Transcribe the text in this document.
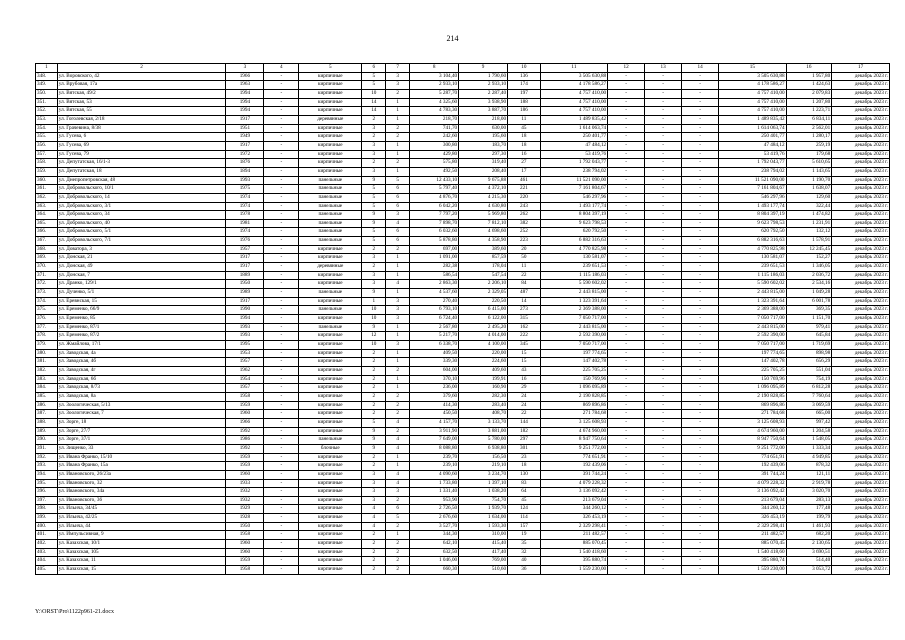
214
1	2	3	4	5	6	7	8	9	10	11	12	13	14	15	16	17
348.	ул. Воровского, 42	1966	-	кирпичные	5	3	3 104,40	1 790,60	136	3 505 630,88	-	-	-	3 505 630,88	1 957,80	декабрь 2023 г.
349.	ул. Врубовая, 17а	1963	-	кирпичные	5	3	2 933,10	2 933,10	174	4 178 586,27	-	-	-	4 178 586,27	1 424,63	декабрь 2023 г.
350.	ул. Вятская, 49/2	1994	-	кирпичные	10	2	5 287,70	2 287,40	197	4 757 410,00	-	-	-	4 757 410,00	2 079,83	декабрь 2023 г.
351.	ул. Вятская, 53	1994	-	кирпичные	14	1	4 325,60	3 938,90	188	4 757 410,00	-	-	-	4 757 410,00	1 207,80	декабрь 2023 г.
352.	ул. Вятская, 55	1994	-	кирпичные	14	1	4 783,30	3 887,70	186	4 757 410,00	-	-	-	4 757 410,00	1 223,71	декабрь 2023 г.
353.	ул. Гоголевская, 2/18	1917	-	деревянные	2	1	218,70	218,00	11	1 489 835,42	-	-	-	1 489 835,42	6 834,11	декабрь 2023 г.
354.	ул. Грачевина, 8/38	1951	-	кирпичные	3	2	741,70	630,00	45	1 614 063,74	-	-	-	1 614 063,74	2 562,01	декабрь 2023 г.
355.	ул. Гусева, 6	1949	-	кирпичные	2	2	242,60	195,60	18	250 401,77	-	-	-	250 401,77	1 280,17	декабрь 2023 г.
356.	ул. Гусева, 69	1917	-	кирпичные	3	1	300,80	183,70	18	47 484,12	-	-	-	47 484,12	259,19	декабрь 2023 г.
357.	ул. Гусева, 79	1972	-	кирпичные	3	1	429,80	297,30	16	53 419,76	-	-	-	53 419,76	179,68	декабрь 2023 г.
358.	ул. Депутатская, 16/1-3	1876	-	кирпичные	2	2	575,80	319,40	27	1 792 043,77	-	-	-	1 792 043,77	5 610,65	декабрь 2023 г.
359.	ул. Депутатская, 18	1894	-	кирпичные	3	1	492,50	208,40	17	238 794,02	-	-	-	238 794,02	1 143,65	декабрь 2023 г.
360.	ул. Днепропетровская, 48	1993	-	панельные	9	5	12 433,10	9 675,88	461	11 521 090,00	-	-	-	11 521 090,00	1 190,70	декабрь 2023 г.
361.	ул. Добровольского, 10/1	1975	-	панельные	5	6	5 797,40	4 372,10	221	7 161 804,67	-	-	-	7 161 804,67	1 638,07	декабрь 2023 г.
362.	ул. Добровольского, 14	1974	-	панельные	5	6	4 876,70	4 215,30	220	546 297,96	-	-	-	546 297,96	129,60	декабрь 2023 г.
363.	ул. Добровольского, 3/1	1974	-	панельные	5	6	6 042,20	4 630,80	243	1 493 177,74	-	-	-	1 493 177,74	322,44	декабрь 2023 г.
364.	ул. Добровольского, 34	1978	-	панельные	9	3	7 797,20	5 969,80	262	8 804 397,19	-	-	-	8 804 397,19	1 474,82	декабрь 2023 г.
365.	ул. Добровольского, 40	1981	-	панельные	9	4	7 898,70	7 812,10	382	9 623 798,53	-	-	-	9 623 798,53	1 231,91	декабрь 2023 г.
366.	ул. Добровольского, 5/1	1974	-	панельные	5	6	6 032,60	4 698,60	252	620 792,50	-	-	-	620 792,50	132,12	декабрь 2023 г.
367.	ул. Добровольского, 7/1	1976	-	панельные	5	6	5 878,80	4 358,90	223	6 882 316,63	-	-	-	6 882 316,63	1 578,91	декабрь 2023 г.
368.	ул. Доватора, 3	1957	-	кирпичные	2	2	697,00	389,60	20	4 770 825,98	-	-	-	4 770 825,98	12 245,45	декабрь 2023 г.
369.	ул. Донская, 21	1917	-	кирпичные	3	1	1 091,00	857,59	50	130 581,07	-	-	-	130 581,07	152,27	декабрь 2023 г.
370.	ул. Донская, 49	1917	-	деревянные	2	1	282,38	178,04	11	239 651,53	-	-	-	239 651,53	1 346,05	декабрь 2023 г.
371.	ул. Донская, 7	1889	-	кирпичные	3	1	586,54	547,54	22	1 115 186,03	-	-	-	1 115 186,03	2 036,72	декабрь 2023 г.
372.	ул. Дранко, 129/1	1950	-	кирпичные	3	4	2 863,30	2 206,10	84	5 590 602,02	-	-	-	5 590 602,02	2 534,16	декабрь 2023 г.
373.	ул. Дученко, 5/1	1989	-	панельные	9	1	4 537,60	2 329,05	487	2 443 815,00	-	-	-	2 443 815,00	1 049,28	декабрь 2023 г.
374.	ул. Еревнская, 15	1917	-	кирпичные	1	3	270,40	220,50	14	1 323 391,64	-	-	-	1 323 391,64	6 001,78	декабрь 2023 г.
375.	ул. Еременко, 66/9	1990	-	панельные	10	3	6 793,10	6 415,00	273	2 369 388,00	-	-	-	2 369 388,00	369,35	декабрь 2023 г.
376.	ул. Еременко, 85	1994	-	кирпичные	10	3	6 724,40	6 122,00	315	7 050 717,00	-	-	-	7 050 717,00	1 151,70	декабрь 2023 г.
377.	ул. Еременко, 87/1	1993	-	панельные	9	1	2 567,80	2 495,20	162	2 443 815,00	-	-	-	2 443 815,00	979,41	декабрь 2023 г.
378.	ул. Еременко, 87/2	1993	-	кирпичные	12	1	5 217,70	4 014,00	222	2 592 390,00	-	-	-	2 592 390,00	645,84	декабрь 2023 г.
379.	ул. Жмайлова, 17/1	1995	-	кирпичные	10	3	6 338,70	4 100,00	345	7 050 717,00	-	-	-	7 050 717,00	1 719,69	декабрь 2023 г.
380.	ул. Заводская, 4а	1953	-	кирпичные	2	1	409,50	220,00	15	197 774,65	-	-	-	197 774,65	898,98	декабрь 2023 г.
381.	ул. Заводская, 4б	1957	-	кирпичные	2	1	339,30	224,60	15	147 402,78	-	-	-	147 402,78	656,29	декабрь 2023 г.
382.	ул. Заводская, 4г	1962	-	кирпичные	2	2	604,00	409,60	43	225 705,25	-	-	-	225 705,25	551,04	декабрь 2023 г.
383.	ул. Заводская, 6б	1954	-	кирпичные	2	1	370,10	199,91	16	150 769,96	-	-	-	150 769,96	754,19	декабрь 2023 г.
384.	ул. Заводская, 8/73	1957	-	кирпичные	2	1	236,00	160,90	29	1 096 095,89	-	-	-	1 096 095,89	6 812,28	декабрь 2023 г.
385.	ул. Заводская, 8а	1958	-	кирпичные	2	2	379,60	282,30	24	2 190 828,85	-	-	-	2 190 828,85	7 760,64	декабрь 2023 г.
386.	ул. Зоологическая, 5/13	1959	-	кирпичные	2	2	414,30	283,40	24	869 896,86	-	-	-	869 896,86	3 069,59	декабрь 2023 г.
387.	ул. Зоологическая, 7	1960	-	кирпичные	2	2	450,50	408,70	22	271 784,68	-	-	-	271 784,68	665,00	декабрь 2023 г.
388.	ул. Зорге, 18	1966	-	кирпичные	5	4	4 157,70	3 133,70	144	3 125 608,93	-	-	-	3 125 608,93	997,42	декабрь 2023 г.
389.	ул. Зорге, 27/7	1992	-	кирпичные	9	2	3 911,90	3 881,00	182	4 674 960,00	-	-	-	4 674 960,00	1 204,58	декабрь 2023 г.
390.	ул. Зорге, 37/1	1986	-	панельные	9	4	7 649,00	5 780,00	297	8 947 750,64	-	-	-	8 947 750,64	1 548,05	декабрь 2023 г.
391.	ул. Зищенко, 33	1992	-	блочные	9	4	8 088,80	6 938,80	301	9 251 772,00	-	-	-	9 251 772,00	1 333,34	декабрь 2023 г.
392.	ул. Ивана Франко, 15/10	1959	-	кирпичные	2	1	239,70	156,50	23	774 651,91	-	-	-	774 651,91	4 949,85	декабрь 2023 г.
393.	ул. Ивана Франко, 15а	1959	-	кирпичные	2	1	239,10	219,10	18	192 439,06	-	-	-	192 439,06	878,32	декабрь 2023 г.
394.	ул. Ивановского, 26/23а	1960	-	кирпичные	3	4	4 090,60	3 234,70	130	391 744,24	-	-	-	391 744,24	121,11	декабрь 2023 г.
395.	ул. Ивановского, 32	1933	-	кирпичные	3	4	1 733,80	1 397,10	83	4 079 228,32	-	-	-	4 079 228,32	2 919,78	декабрь 2023 г.
396.	ул. Ивановского, 34а	1932	-	кирпичные	3	3	1 331,40	1 038,20	64	3 136 092,42	-	-	-	3 136 092,42	3 020,70	декабрь 2023 г.
397.	ул. Ивановского, 36	1932	-	кирпичные	3	2	953,90	754,70	45	213 679,04	-	-	-	213 679,04	283,13	декабрь 2023 г.
398.	ул. Ильича, 34/45	1929	-	кирпичные	4	6	2 726,50	1 939,70	124	344 260,12	-	-	-	344 260,12	177,48	декабрь 2023 г.
399.	ул. Ильича, 42/25	1928	-	кирпичные	4	5	2 676,60	1 634,00	114	326 453,19	-	-	-	326 453,19	199,79	декабрь 2023 г.
400.	ул. Ильича, 44	1950	-	кирпичные	4	2	3 527,70	1 593,30	157	2 329 298,41	-	-	-	2 329 298,41	1 461,93	декабрь 2023 г.
401.	ул. Импульсивная, 9	1958	-	кирпичные	2	1	344,30	310,00	19	211 482,57	-	-	-	211 482,57	682,20	декабрь 2023 г.
402.	ул. Казахская, 10/1	1960	-	кирпичные	2	2	642,10	415,40	35	885 070,45	-	-	-	885 070,45	2 130,65	декабрь 2023 г.
403.	ул. Казахская, 105	1960	-	кирпичные	2	2	632,50	417,40	32	1 540 418,60	-	-	-	1 540 418,60	3 690,51	декабрь 2023 г.
404.	ул. Казахская, 11	1959	-	кирпичные	2	2	1 046,00	769,00	40	395 880,74	-	-	-	395 880,74	514,40	декабрь 2023 г.
405.	ул. Казахская, 15	1958	-	кирпичные	2	2	660,30	510,60	36	1 559 230,00	-	-	-	1 559 230,00	3 053,72	декабрь 2023 г.
Y:\ORST\Pro\1122p961-21.docx
